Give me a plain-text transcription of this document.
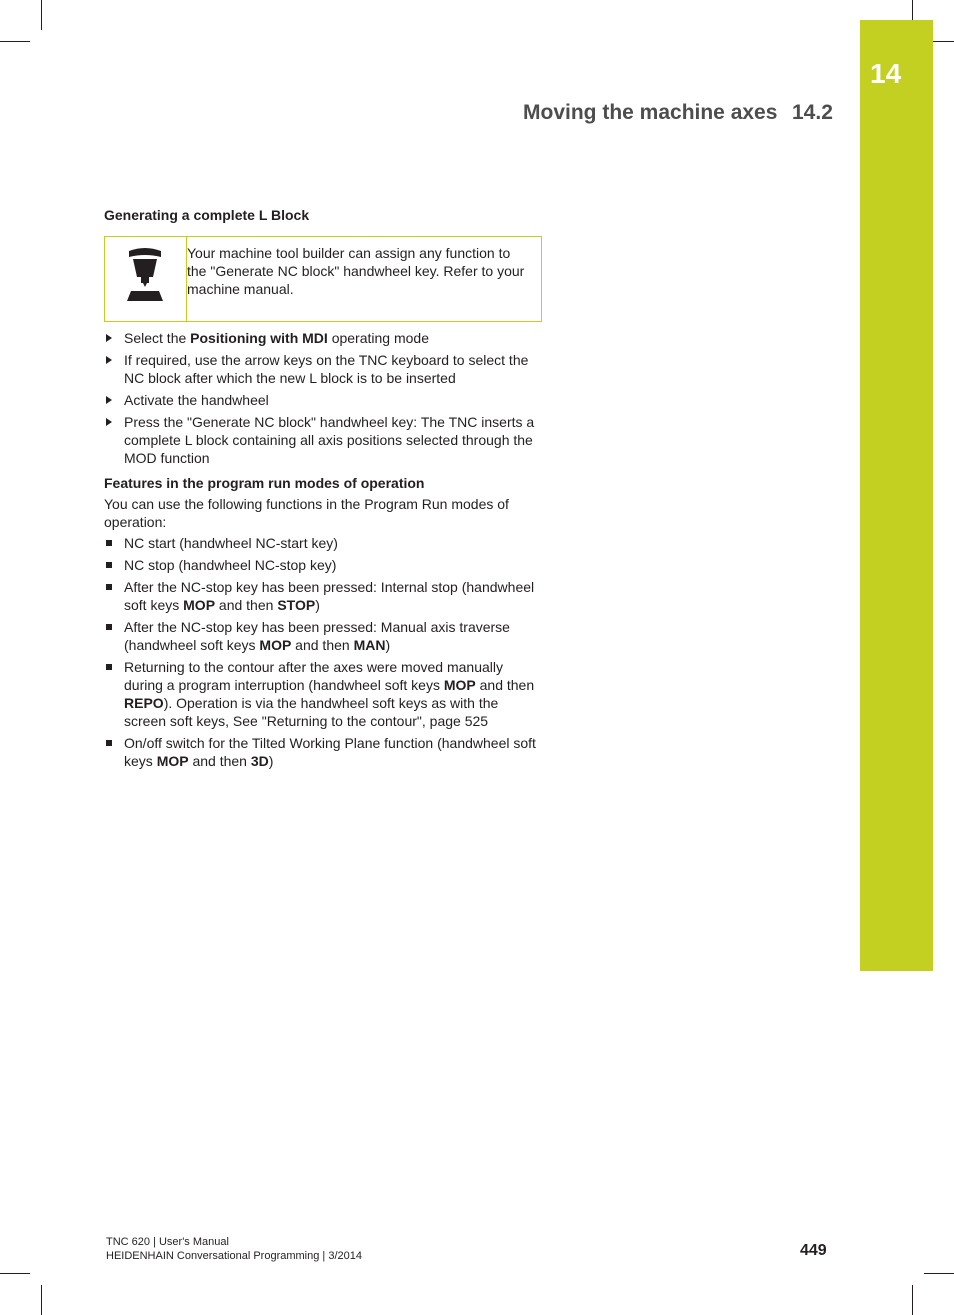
14
Moving the machine axes 14.2

Generating a complete L Block

Your machine tool builder can assign any function to the "Generate NC block" handwheel key. Refer to your machine manual.
Select the Positioning with MDI operating mode
If required, use the arrow keys on the TNC keyboard to select the NC block after which the new L block is to be inserted
Activate the handwheel
Press the "Generate NC block" handwheel key: The TNC inserts a complete L block containing all axis positions selected through the MOD function
Features in the program run modes of operation
You can use the following functions in the Program Run modes of operation:
NC start (handwheel NC-start key)
NC stop (handwheel NC-stop key)
After the NC-stop key has been pressed: Internal stop (handwheel soft keys MOP and then STOP)
After the NC-stop key has been pressed: Manual axis traverse (handwheel soft keys MOP and then MAN)
Returning to the contour after the axes were moved manually during a program interruption (handwheel soft keys MOP and then REPO). Operation is via the handwheel soft keys as with the screen soft keys, See "Returning to the contour", page 525
On/off switch for the Tilted Working Plane function (handwheel soft keys MOP and then 3D)
TNC 620 | User's Manual
HEIDENHAIN Conversational Programming | 3/2014	449
